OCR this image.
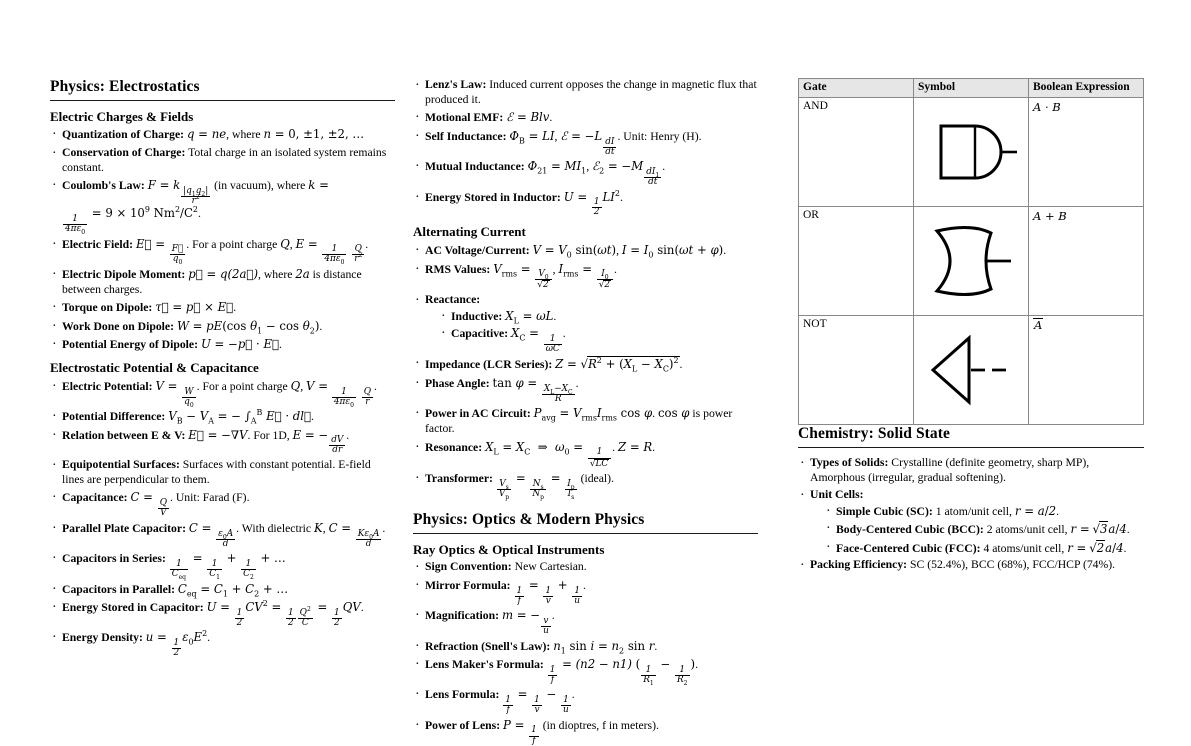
Physics: Electrostatics
Electric Charges & Fields
· Quantization of Charge: q = ne, where n = 0, ±1, ±2, …
· Conservation of Charge: Total charge in an isolated system remains constant.
· Coulomb's Law: F = k
$\frac{|q_1q_2|}{r^2}$
(in vacuum), where k =
$\frac{1}{4\pi\varepsilon_0}$
= $9 \times 10^9$ $Nm^2/C^2$.
· Electric Field: E⃗ =
$\frac{F⃗}{q_0}$
. For a point charge Q, E =
$\frac{1}{4\pi\varepsilon_0}$
$\frac{Q}{r^2}$
.
· Electric Dipole Moment: p⃗ = q(2a⃗), where 2a is distance between charges.
· Torque on Dipole: τ⃗ = p⃗ × E⃗.
· Work Done on Dipole: W = pE(cos $\theta_1 - \cos \theta_2$).
· Potential Energy of Dipole: U = −p⃗ · E⃗.
Electrostatic Potential & Capacitance
· Electric Potential: V =
$\frac{W}{q_0}$
. For a point charge Q, V =
$\frac{1}{4\pi\varepsilon_0}$
$\frac{Q}{r}$
.
· Potential Difference: $V_B - V_A$ = − $\int_A^B$ E⃗ · dl⃗.
· Relation between E & V: E⃗ = −∇V. For 1D, E = −
$\frac{dV}{dr}$
.
· Equipotential Surfaces: Surfaces with constant potential. E-field lines are perpendicular to them.
· Capacitance: C =
$\frac{Q}{V}$
. Unit: Farad (F).
· Parallel Plate Capacitor: C =
$\frac{\varepsilon_0A}{d}$
. With dielectric K, C =
$\frac{K\varepsilon_0A}{d}$
.
· Capacitors in Series:
$\frac{1}{C_{eq}}$
=
$\frac{1}{C_1}$
+
$\frac{1}{C_2}$
+ …
· Capacitors in Parallel: $C_{eq} = C_1 + C_2$ + …
· Energy Stored in Capacitor: U =
$\frac{1}{2}$
$CV^2$ =
$\frac{1}{2} \frac{Q^2}{C}$
=
$\frac{1}{2}$
QV.
· Energy Density: u =
$\frac{1}{2}$
$\varepsilon_0E^2$.
· Lenz's Law: Induced current opposes the change in magnetic flux that produced it.
· Motional EMF: ℰ = Blv.
· Self Inductance: $\Phi_B$ = LI, ℰ = −L
$\frac{dI}{dt}$
. Unit: Henry (H).
· Mutual Inductance: $\Phi_{21} = MI_1$, ℰ$_2$ = −M
$\frac{dI_1}{dt}$
.
· Energy Stored in Inductor: U =
$\frac{1}{2}$
$LI^2$.
Alternating Current
· AC Voltage/Current: $V = V_0$ sin(ωt), $I = I_0$ sin(ωt + φ).
· RMS Values: $V_{rms}$ =
$\frac{V_0}{√2}$
, $I_{rms}$ =
$\frac{I_0}{√2}$
.
· Reactance:
· Inductive: $X_L = \omega L$.
· Capacitive: $X_C$ =
$\frac{1}{\omega C}$
.
· Impedance (LCR Series): $Z = √R^2 + (X_L - X_C)^2$.
· Phase Angle: tan φ =
$\frac{X_L-X_C}{R}$
.
· Power in AC Circuit: $P_{avg} = V_{rms}I_{rms}$ cos φ. cos φ is power factor.
· Resonance: $X_L = X_C$  ⇒  $\omega_0$ =
$\frac{1}{√LC}$
. Z = R.
· Transformer:
$\frac{V_s}{V_p}$
=
$\frac{N_s}{N_p}$
=
$\frac{I_p}{I_s}$
(ideal).
Physics: Optics & Modern Physics
Ray Optics & Optical Instruments
· Sign Convention: New Cartesian.
· Mirror Formula:
$\frac{1}{f}$
=
$\frac{1}{v}$
+
$\frac{1}{u}$
.
· Magnification: m = −
$\frac{v}{u}$
.
· Refraction (Snell's Law): $n_1$ $\sin i = n_2$ sin r.
· Lens Maker's Formula:
$\frac{1}{f}$
= (n2 − n1) (
$\frac{1}{R_1}$
−
$\frac{1}{R_2}$
).
· Lens Formula:
$\frac{1}{f}$
=
$\frac{1}{v}$
−
$\frac{1}{u}$
.
· Power of Lens: P =
$\frac{1}{f}$
(in dioptres, f in meters).
Gate	Symbol	Boolean Expression
AND		A · B
OR		A + B
NOT		A
Chemistry: Solid State
· Types of Solids: Crystalline (definite geometry, sharp MP), Amorphous (irregular, gradual softening).
· Unit Cells:
· Simple Cubic (SC): 1 atom/unit cell, r = a/2.
· Body-Centered Cubic (BCC): 2 atoms/unit cell, r = √3a/4.
· Face-Centered Cubic (FCC): 4 atoms/unit cell, r = √2a/4.
· Packing Efficiency: SC (52.4%), BCC (68%), FCC/HCP (74%).
